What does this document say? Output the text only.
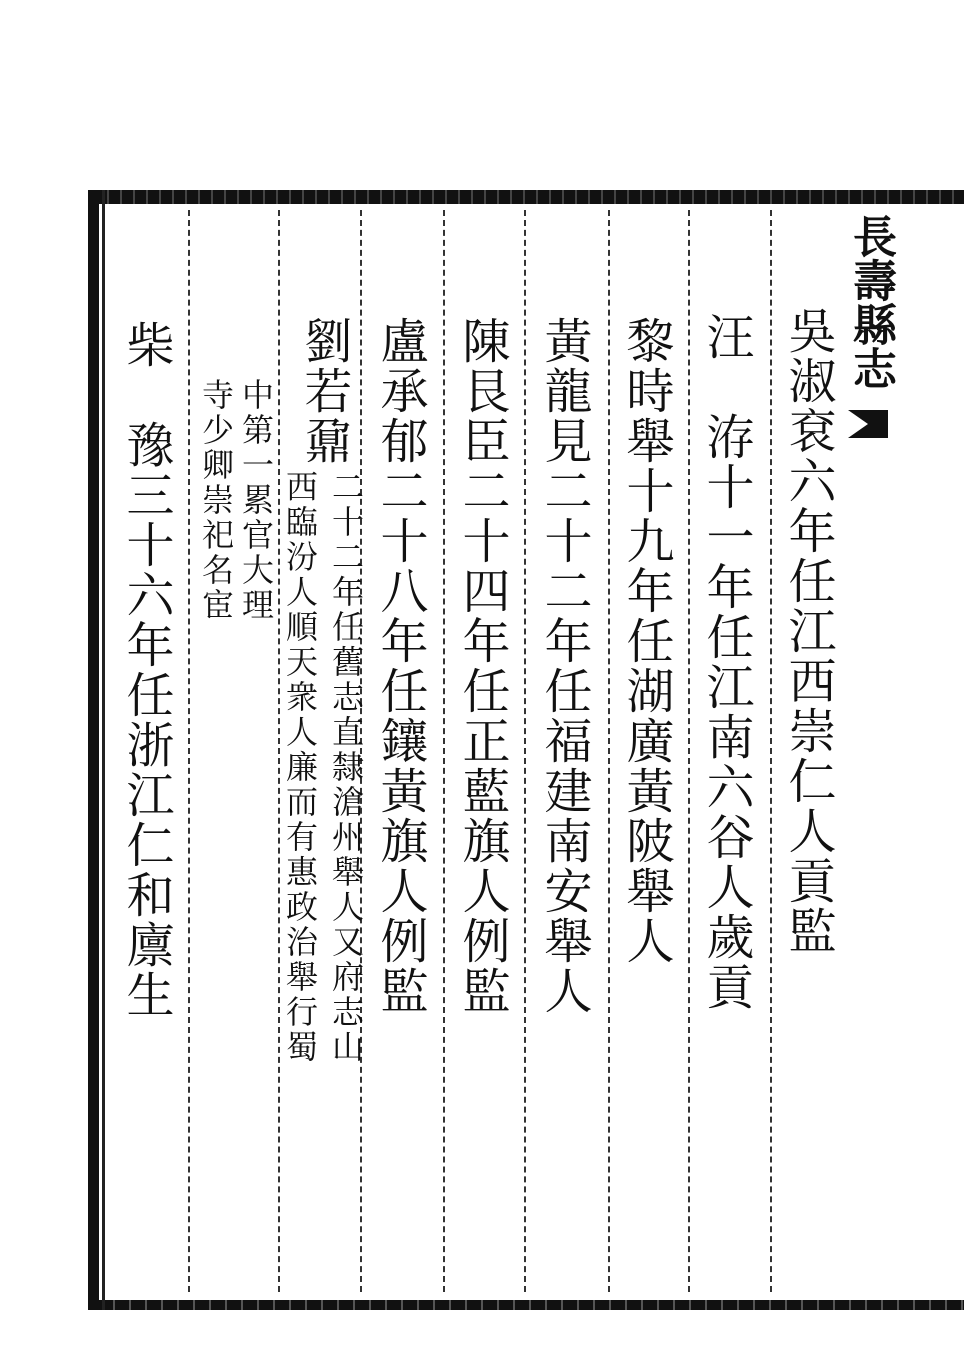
長壽縣志
吳淑袞六年任江西崇仁人貢監
汪　洊十一年任江南六谷人歲貢
黎時舉十九年任湖廣黃陂舉人
黃龍見二十二年任福建南安舉人
陳艮臣二十四年任正藍旗人例監
盧承郁二十八年任鑲黃旗人例監
劉若鼐
二十二年任舊志直隸滄州舉人又府志山
西臨汾人順天衆人廉而有惠政治舉行蜀
中第一累官大理
寺少卿崇祀名宦
柴　豫三十六年任浙江仁和廪生
